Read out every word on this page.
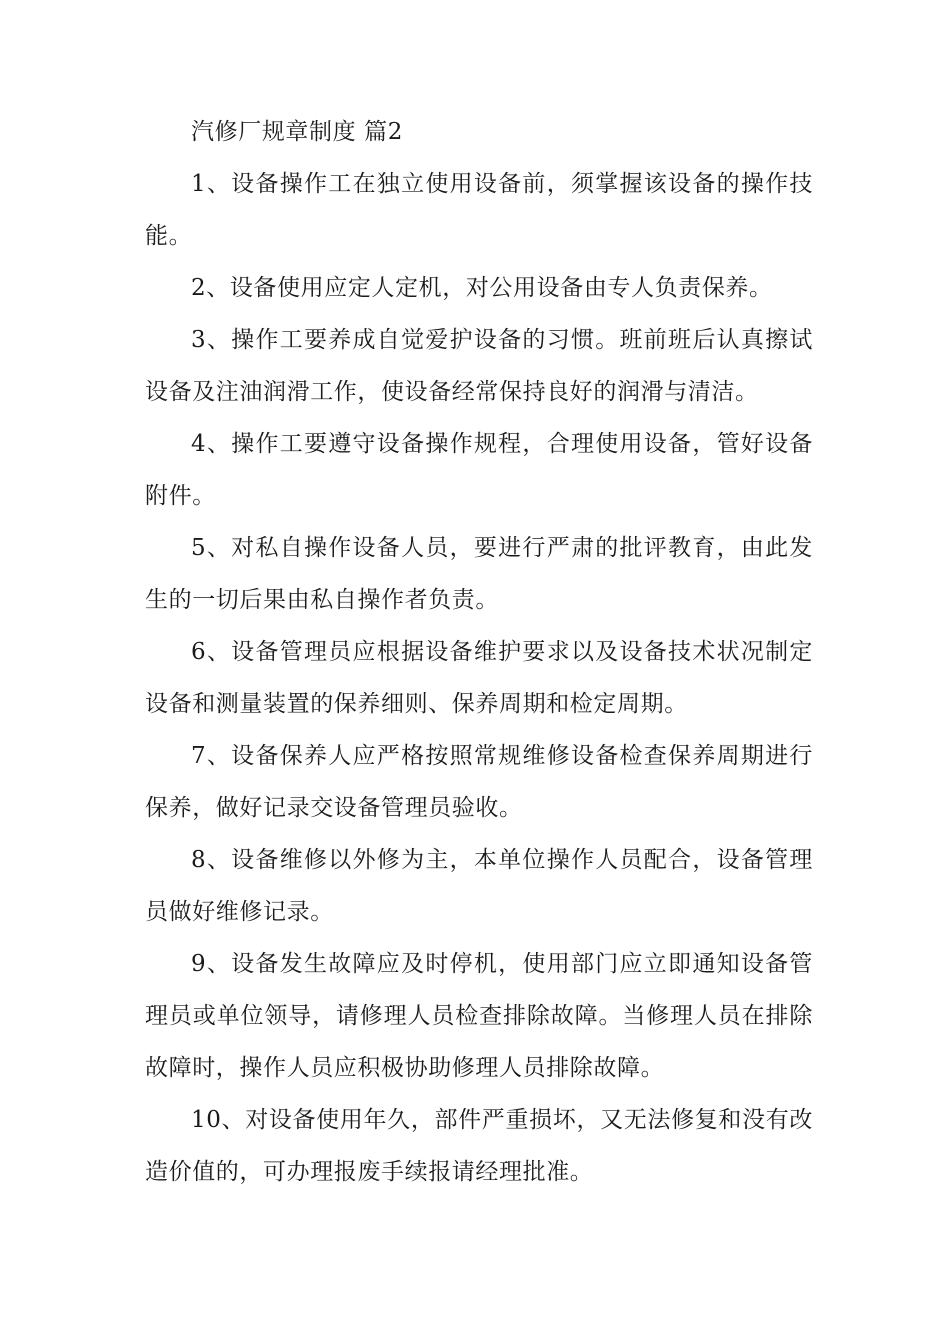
汽修厂规章制度 篇2

1、设备操作工在独立使用设备前，须掌握该设备的操作技能。

2、设备使用应定人定机，对公用设备由专人负责保养。

3、操作工要养成自觉爱护设备的习惯。班前班后认真擦试设备及注油润滑工作，使设备经常保持良好的润滑与清洁。

4、操作工要遵守设备操作规程，合理使用设备，管好设备附件。

5、对私自操作设备人员，要进行严肃的批评教育，由此发生的一切后果由私自操作者负责。

6、设备管理员应根据设备维护要求以及设备技术状况制定设备和测量装置的保养细则、保养周期和检定周期。

7、设备保养人应严格按照常规维修设备检查保养周期进行保养，做好记录交设备管理员验收。

8、设备维修以外修为主，本单位操作人员配合，设备管理员做好维修记录。

9、设备发生故障应及时停机，使用部门应立即通知设备管理员或单位领导，请修理人员检查排除故障。当修理人员在排除故障时，操作人员应积极协助修理人员排除故障。

10、对设备使用年久，部件严重损坏，又无法修复和没有改造价值的，可办理报废手续报请经理批准。
